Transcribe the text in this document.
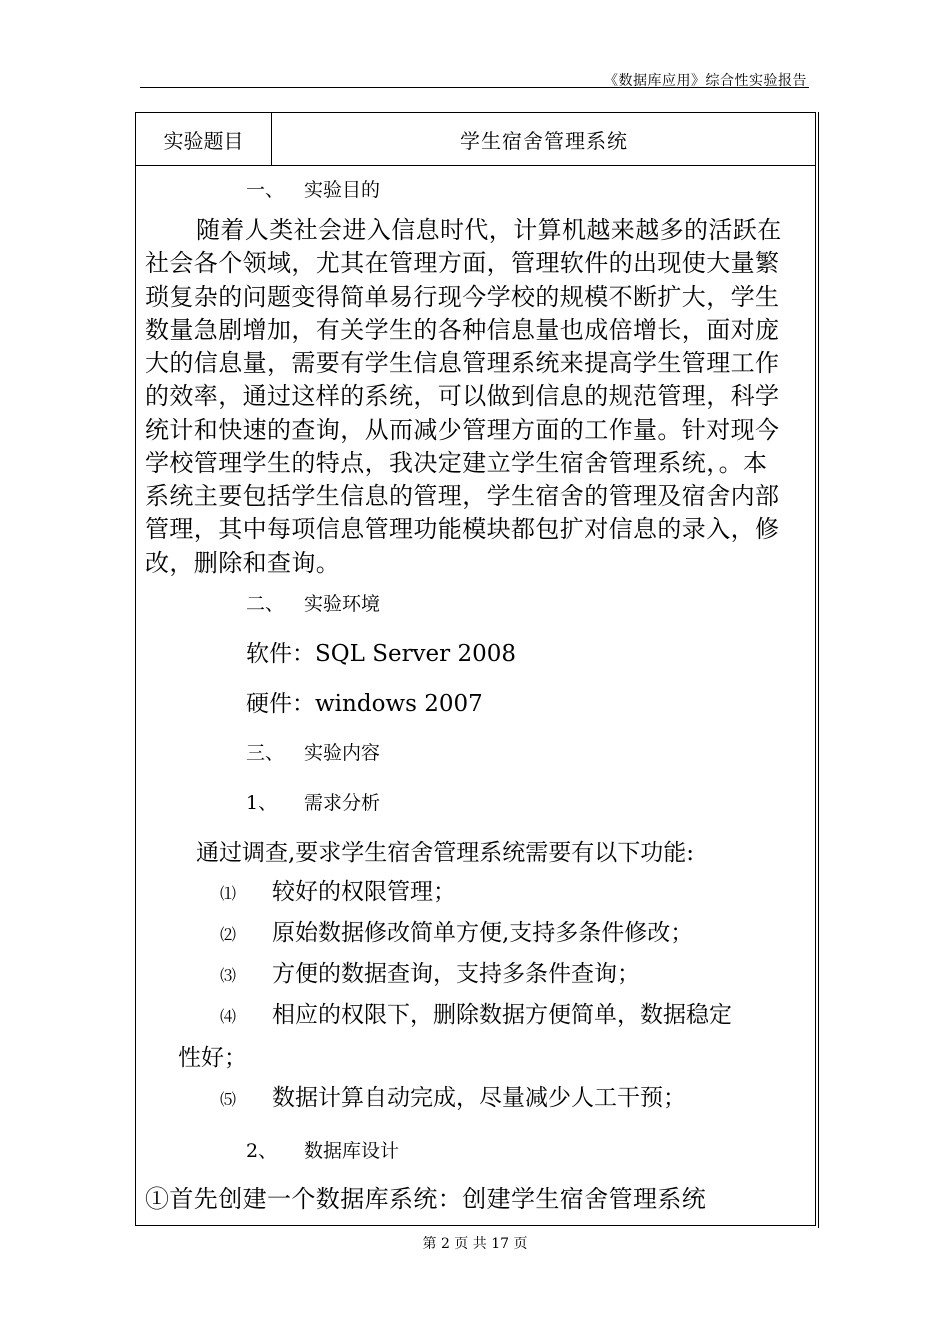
《数据库应用》综合性实验报告
实验题目	学生宿舍管理系统
一、 实验目的
随着人类社会进入信息时代，计算机越来越多的活跃在
社会各个领域，尤其在管理方面，管理软件的出现使大量繁
琐复杂的问题变得简单易行现今学校的规模不断扩大，学生
数量急剧增加，有关学生的各种信息量也成倍增长，面对庞
大的信息量，需要有学生信息管理系统来提高学生管理工作
的效率，通过这样的系统，可以做到信息的规范管理，科学
统计和快速的查询，从而减少管理方面的工作量。针对现今
学校管理学生的特点，我决定建立学生宿舍管理系统，。本
系统主要包括学生信息的管理，学生宿舍的管理及宿舍内部
管理，其中每项信息管理功能模块都包扩对信息的录入，修
改，删除和查询。
二、 实验环境
软件：SQL Server 2008
硬件：windows 2007
三、 实验内容
1、 需求分析
通过调查,要求学生宿舍管理系统需要有以下功能:
⑴ 较好的权限管理；
⑵ 原始数据修改简单方便,支持多条件修改；
⑶ 方便的数据查询，支持多条件查询；
⑷ 相应的权限下，删除数据方便简单，数据稳定
性好；
⑸ 数据计算自动完成，尽量减少人工干预；
2、 数据库设计
①首先创建一个数据库系统：创建学生宿舍管理系统
第 2 页 共 17 页
